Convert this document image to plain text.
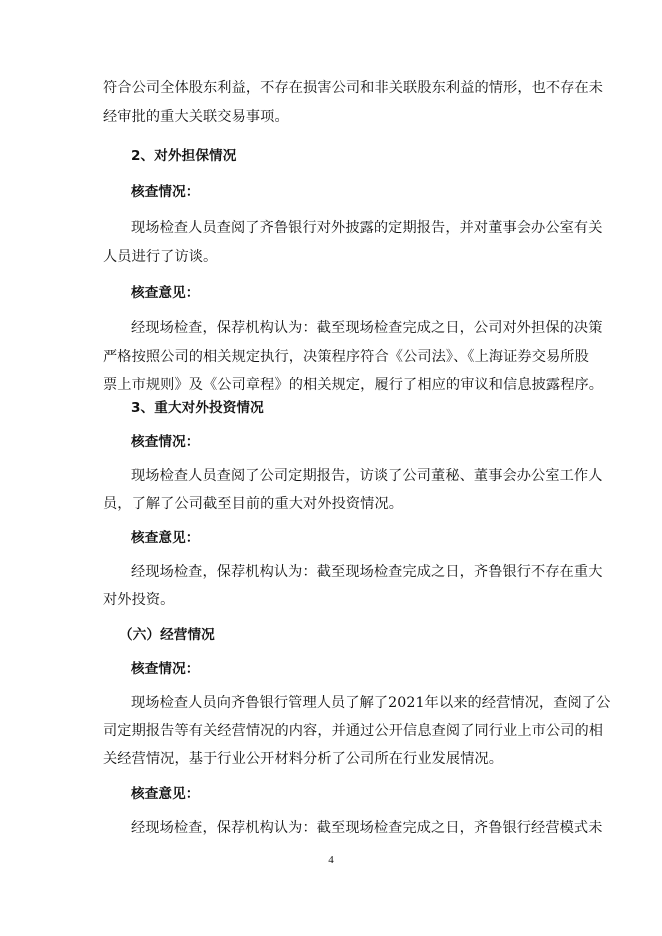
符合公司全体股东利益，不存在损害公司和非关联股东利益的情形，也不存在未
经审批的重大关联交易事项。
2、对外担保情况
核查情况：
现场检查人员查阅了齐鲁银行对外披露的定期报告，并对董事会办公室有关
人员进行了访谈。
核查意见：
经现场检查，保荐机构认为：截至现场检查完成之日，公司对外担保的决策
严格按照公司的相关规定执行，决策程序符合《公司法》、《上海证券交易所股
票上市规则》及《公司章程》的相关规定，履行了相应的审议和信息披露程序。
3、重大对外投资情况
核查情况：
现场检查人员查阅了公司定期报告，访谈了公司董秘、董事会办公室工作人
员，了解了公司截至目前的重大对外投资情况。
核查意见：
经现场检查，保荐机构认为：截至现场检查完成之日，齐鲁银行不存在重大
对外投资。
（六）经营情况
核查情况：
现场检查人员向齐鲁银行管理人员了解了2021年以来的经营情况，查阅了公
司定期报告等有关经营情况的内容，并通过公开信息查阅了同行业上市公司的相
关经营情况，基于行业公开材料分析了公司所在行业发展情况。
核查意见：
经现场检查，保荐机构认为：截至现场检查完成之日，齐鲁银行经营模式未
4
